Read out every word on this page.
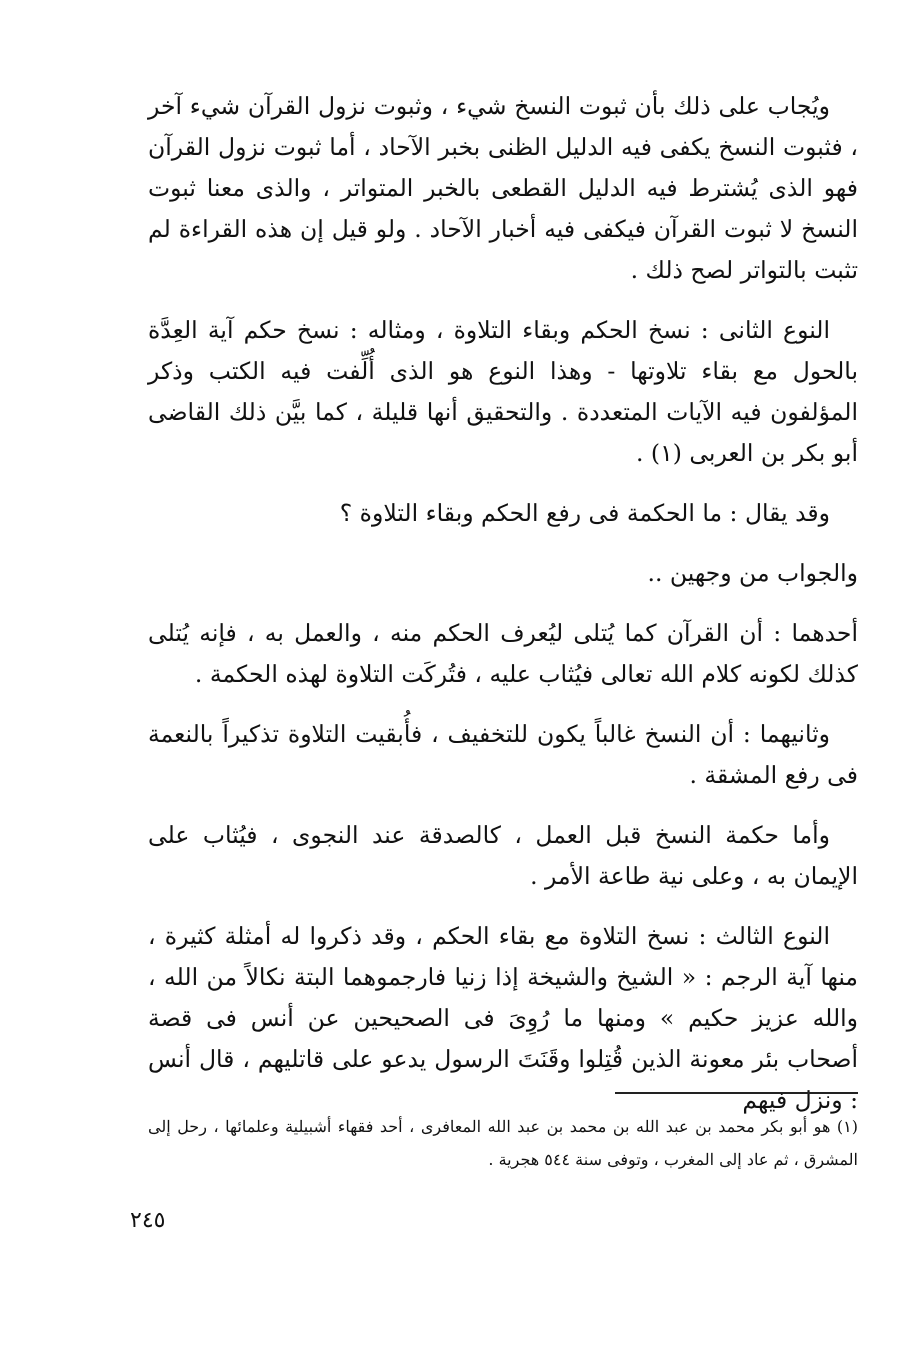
ويُجاب على ذلك بأن ثبوت النسخ شيء ، وثبوت نزول القرآن شيء آخر ، فثبوت النسخ يكفى فيه الدليل الظنى بخبر الآحاد ، أما ثبوت نزول القرآن فهو الذى يُشترط فيه الدليل القطعى بالخبر المتواتر ، والذى معنا ثبوت النسخ لا ثبوت القرآن فيكفى فيه أخبار الآحاد . ولو قيل إن هذه القراءة لم تثبت بالتواتر لصح ذلك .

النوع الثانى : نسخ الحكم وبقاء التلاوة ، ومثاله : نسخ حكم آية العِدَّة بالحول مع بقاء تلاوتها - وهذا النوع هو الذى أُلِّفت فيه الكتب وذكر المؤلفون فيه الآيات المتعددة . والتحقيق أنها قليلة ، كما بيَّن ذلك القاضى أبو بكر بن العربى (١) .

وقد يقال : ما الحكمة فى رفع الحكم وبقاء التلاوة ؟

والجواب من وجهين ..

أحدهما : أن القرآن كما يُتلى ليُعرف الحكم منه ، والعمل به ، فإنه يُتلى كذلك لكونه كلام الله تعالى فيُثاب عليه ، فتُركَت التلاوة لهذه الحكمة .

وثانيهما : أن النسخ غالباً يكون للتخفيف ، فأُبقيت التلاوة تذكيراً بالنعمة فى رفع المشقة .

وأما حكمة النسخ قبل العمل ، كالصدقة عند النجوى ، فيُثاب على الإيمان به ، وعلى نية طاعة الأمر .

النوع الثالث : نسخ التلاوة مع بقاء الحكم ، وقد ذكروا له أمثلة كثيرة ، منها آية الرجم : « الشيخ والشيخة إذا زنيا فارجموهما البتة نكالاً من الله ، والله عزيز حكيم » ومنها ما رُوِىَ فى الصحيحين عن أنس فى قصة أصحاب بئر معونة الذين قُتِلوا وقَنَتَ الرسول يدعو على قاتليهم ، قال أنس : ونزل فيهم

(١) هو أبو بكر محمد بن عبد الله بن محمد بن عبد الله المعافرى ، أحد فقهاء أشبيلية وعلمائها ، رحل إلى المشرق ، ثم عاد إلى المغرب ، وتوفى سنة ٥٤٤ هجرية .

٢٤٥
